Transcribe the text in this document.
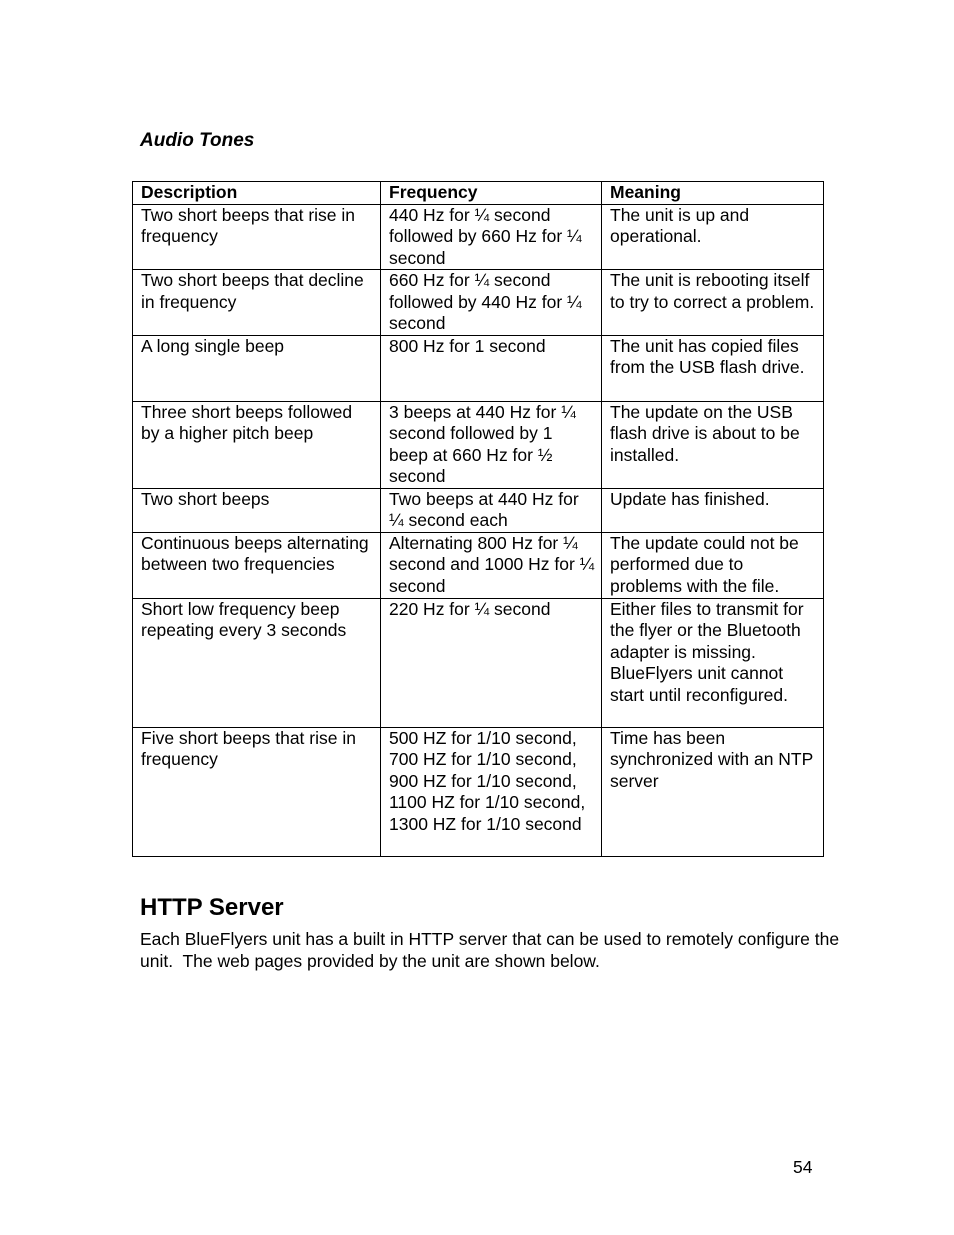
Audio Tones
Description	Frequency	Meaning
Two short beeps that rise in frequency	440 Hz for ¼ second followed by 660 Hz for ¼ second	The unit is up and operational.
Two short beeps that decline in frequency	660 Hz for ¼ second followed by 440 Hz for ¼ second	The unit is rebooting itself to try to correct a problem.
A long single beep	800 Hz for 1 second	The unit has copied files from the USB flash drive.
Three short beeps followed by a higher pitch beep	3 beeps at 440 Hz for ¼ second followed by 1 beep at 660 Hz for ½ second	The update on the USB flash drive is about to be installed.
Two short beeps	Two beeps at 440 Hz for ¼ second each	Update has finished.
Continuous beeps alternating between two frequencies	Alternating 800 Hz for ¼ second and 1000 Hz for ¼ second	The update could not be performed due to problems with the file.
Short low frequency beep repeating every 3 seconds	220 Hz for ¼ second	Either files to transmit for the flyer or the Bluetooth adapter is missing. BlueFlyers unit cannot start until reconfigured.
Five short beeps that rise in frequency	500 HZ for 1/10 second, 700 HZ for 1/10 second, 900 HZ for 1/10 second, 1100 HZ for 1/10 second, 1300 HZ for 1/10 second	Time has been synchronized with an NTP server
HTTP Server

Each BlueFlyers unit has a built in HTTP server that can be used to remotely configure the unit.  The web pages provided by the unit are shown below.

54
